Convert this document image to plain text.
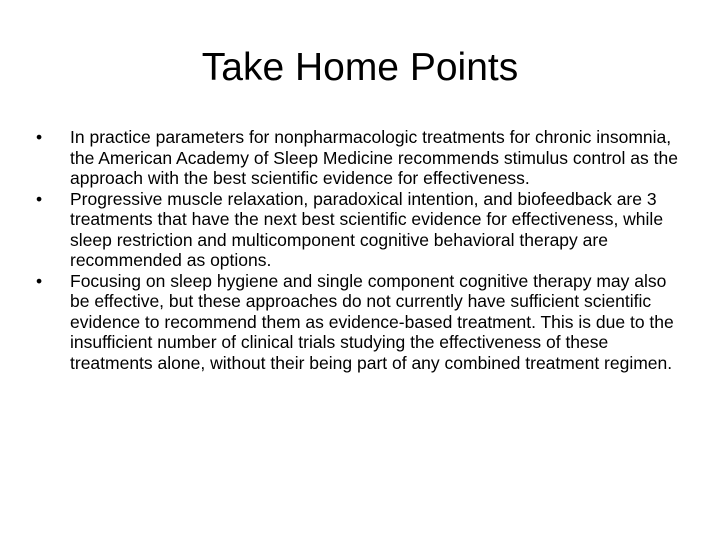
Take Home Points
• In practice parameters for nonpharmacologic treatments for chronic insomnia, the American Academy of Sleep Medicine recommends stimulus control as the approach with the best scientific evidence for effectiveness.
• Progressive muscle relaxation, paradoxical intention, and biofeedback are 3 treatments that have the next best scientific evidence for effectiveness, while sleep restriction and multicomponent cognitive behavioral therapy are recommended as options.
• Focusing on sleep hygiene and single component cognitive therapy may also be effective, but these approaches do not currently have sufficient scientific evidence to recommend them as evidence-based treatment. This is due to the insufficient number of clinical trials studying the effectiveness of these treatments alone, without their being part of any combined treatment regimen.
